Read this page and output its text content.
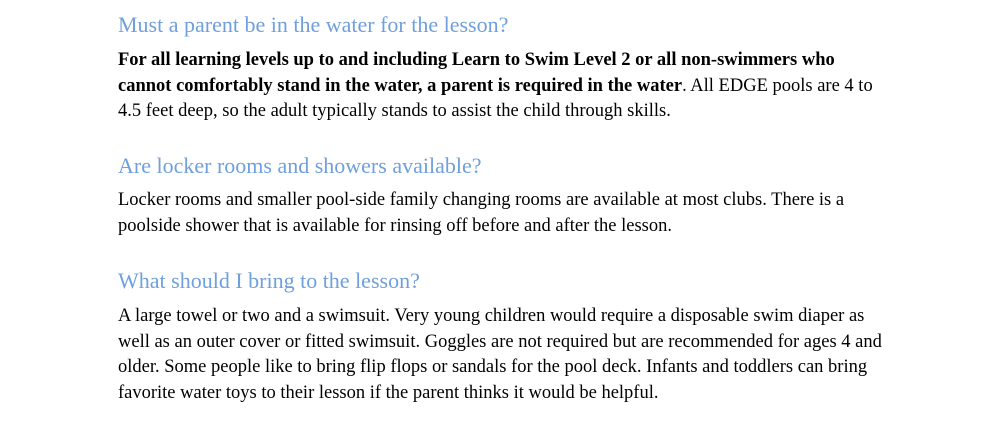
Must a parent be in the water for the lesson?

For all learning levels up to and including Learn to Swim Level 2 or all non-swimmers who cannot comfortably stand in the water, a parent is required in the water. All EDGE pools are 4 to 4.5 feet deep, so the adult typically stands to assist the child through skills.

Are locker rooms and showers available?

Locker rooms and smaller pool-side family changing rooms are available at most clubs. There is a  poolside shower that is available for rinsing off before and after the lesson.

What should I bring to the lesson?

A large towel or two and a swimsuit. Very young children would require a disposable swim diaper as well as an outer cover or fitted swimsuit. Goggles are not required but are recommended for ages 4 and older. Some people like to bring flip flops or sandals for the pool deck. Infants and toddlers can bring favorite water toys to their lesson if the parent thinks it would be helpful.
